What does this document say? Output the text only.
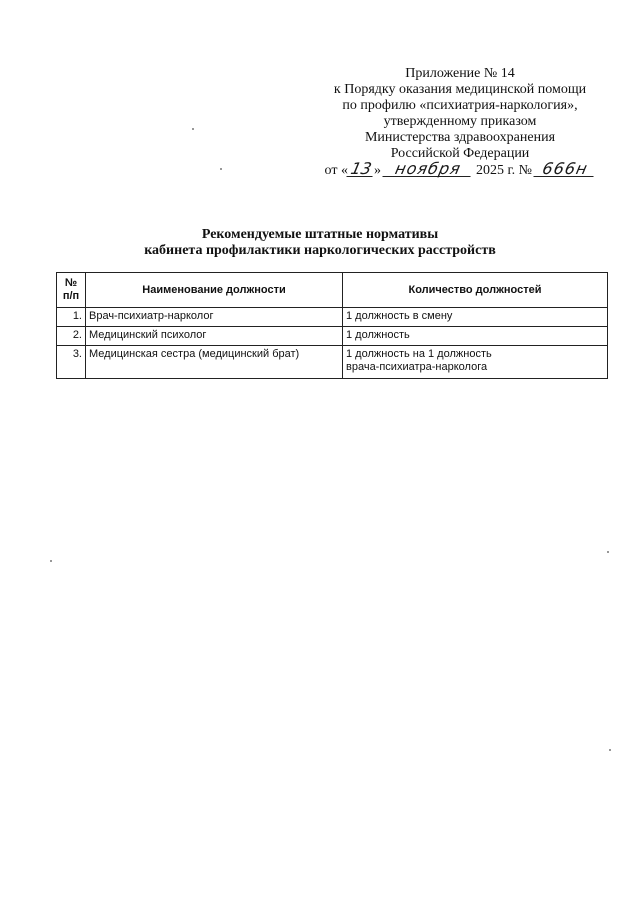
Приложение № 14
к Порядку оказания медицинской помощи
по профилю «психиатрия-наркология»,
утвержденному приказом
Министерства здравоохранения
Российской Федерации
от «13» ноября 2025 г. № 666н
Рекомендуемые штатные нормативы
кабинета профилактики наркологических расстройств
№
п/п	Наименование должности	Количество должностей
1.	Врач-психиатр-нарколог	1 должность в смену
2.	Медицинский психолог	1 должность
3.	Медицинская сестра (медицинский брат)	1 должность на 1 должность
врача-психиатра-нарколога
